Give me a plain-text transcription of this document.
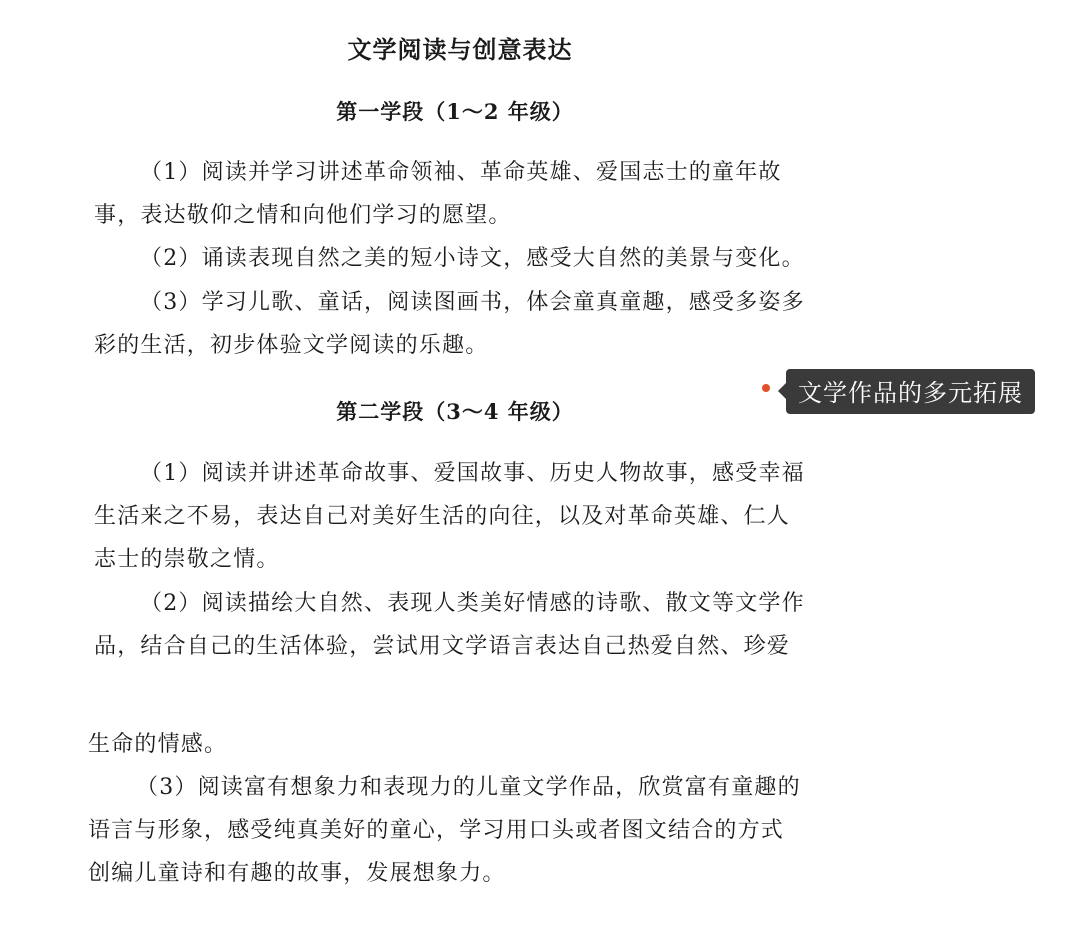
文学阅读与创意表达
第一学段（1～2 年级）
（1）阅读并学习讲述革命领袖、革命英雄、爱国志士的童年故
事，表达敬仰之情和向他们学习的愿望。
（2）诵读表现自然之美的短小诗文，感受大自然的美景与变化。
（3）学习儿歌、童话，阅读图画书，体会童真童趣，感受多姿多
彩的生活，初步体验文学阅读的乐趣。
第二学段（3～4 年级）
（1）阅读并讲述革命故事、爱国故事、历史人物故事，感受幸福
生活来之不易，表达自己对美好生活的向往，以及对革命英雄、仁人
志士的崇敬之情。
（2）阅读描绘大自然、表现人类美好情感的诗歌、散文等文学作
品，结合自己的生活体验，尝试用文学语言表达自己热爱自然、珍爱
生命的情感。
（3）阅读富有想象力和表现力的儿童文学作品，欣赏富有童趣的
语言与形象，感受纯真美好的童心，学习用口头或者图文结合的方式
创编儿童诗和有趣的故事，发展想象力。
文学作品的多元拓展
